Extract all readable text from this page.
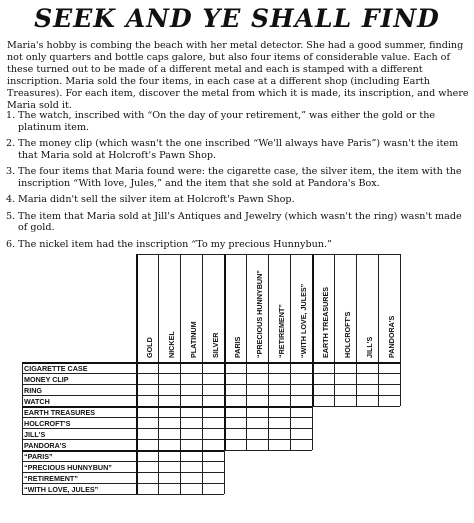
SEEK AND YE SHALL FIND

Maria's hobby is combing the beach with her metal detector. She had a good summer, finding not only quarters and bottle caps galore, but also four items of considerable value. Each of these turned out to be made of a different metal and each is stamped with a different inscription. Maria sold the four items, in each case at a different shop (including Earth Treasures). For each item, discover the metal from which it is made, its inscription, and where Maria sold it.

1. The watch, inscribed with “On the day of your retirement,” was either the gold or the platinum item.
2. The money clip (which wasn't the one inscribed “We'll always have Paris”) wasn't the item that Maria sold at Holcroft's Pawn Shop.
3. The four items that Maria found were: the cigarette case, the silver item, the item with the inscription “With love, Jules,” and the item that she sold at Pandora's Box.
4. Maria didn't sell the silver item at Holcroft's Pawn Shop.
5. The item that Maria sold at Jill's Antiques and Jewelry (which wasn't the ring) wasn't made of gold.
6. The nickel item had the inscription “To my precious Hunnybun.”
GOLD NICKEL PLATINUM SILVER PARIS “PRECIOUS HUNNYBUN” “RETIREMENT” “WITH LOVE, JULES” EARTH TREASURES HOLCROFT'S JILL'S PANDORA'S
CIGARETTE CASE
MONEY CLIP
RING
WATCH
EARTH TREASURES
HOLCROFT'S
JILL'S
PANDORA'S
“PARIS”
“PRECIOUS HUNNYBUN”
“RETIREMENT”
“WITH LOVE, JULES”
